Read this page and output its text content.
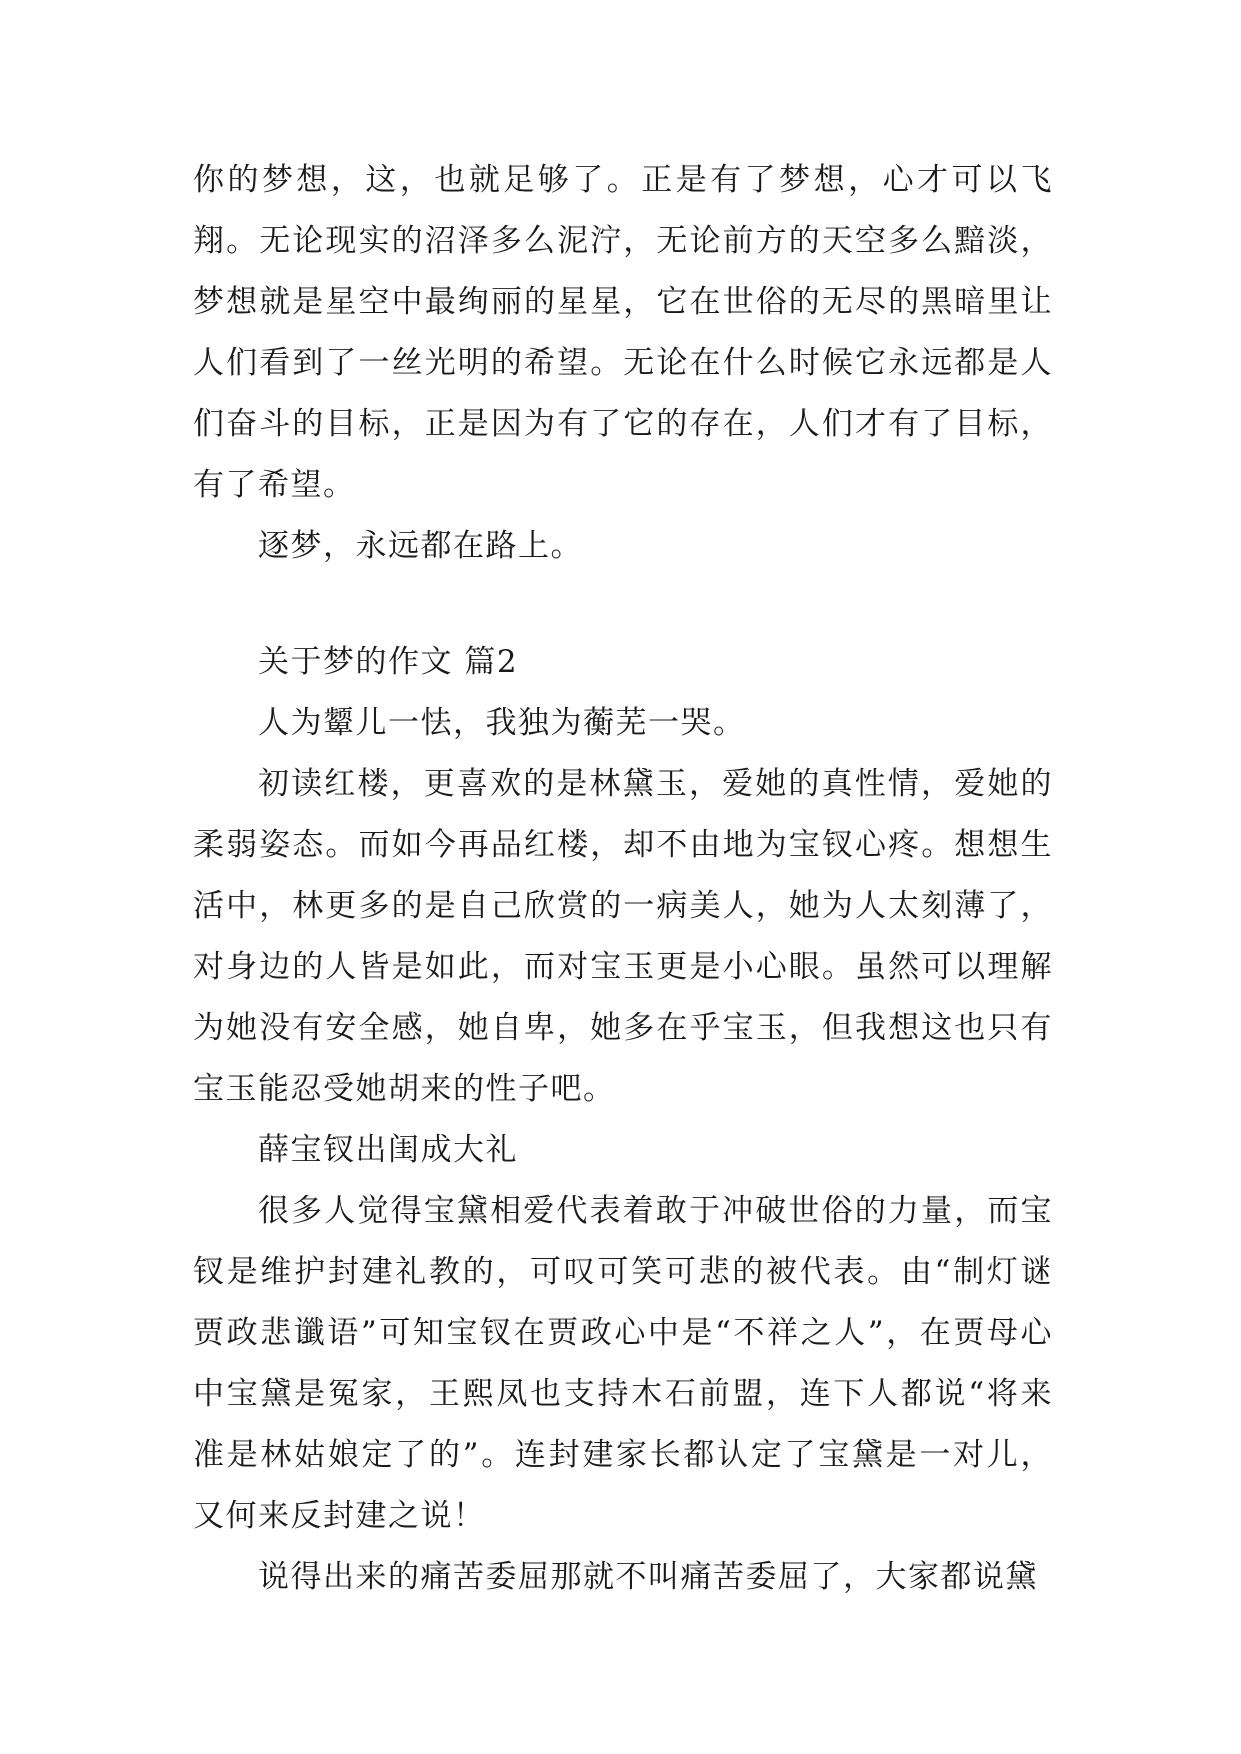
你的梦想，这，也就足够了。正是有了梦想，心才可以飞翔。无论现实的沼泽多么泥泞，无论前方的天空多么黯淡，梦想就是星空中最绚丽的星星，它在世俗的无尽的黑暗里让人们看到了一丝光明的希望。无论在什么时候它永远都是人们奋斗的目标，正是因为有了它的存在，人们才有了目标，有了希望。

逐梦，永远都在路上。

关于梦的作文 篇2

人为颦儿一怯，我独为蘅芜一哭。

初读红楼，更喜欢的是林黛玉，爱她的真性情，爱她的柔弱姿态。而如今再品红楼，却不由地为宝钗心疼。想想生活中，林更多的是自己欣赏的一病美人，她为人太刻薄了，对身边的人皆是如此，而对宝玉更是小心眼。虽然可以理解为她没有安全感，她自卑，她多在乎宝玉，但我想这也只有宝玉能忍受她胡来的性子吧。

薛宝钗出闺成大礼

很多人觉得宝黛相爱代表着敢于冲破世俗的力量，而宝钗是维护封建礼教的，可叹可笑可悲的被代表。由“制灯谜贾政悲谶语”可知宝钗在贾政心中是“不祥之人”，在贾母心中宝黛是冤家，王熙凤也支持木石前盟，连下人都说“将来准是林姑娘定了的”。连封建家长都认定了宝黛是一对儿，又何来反封建之说！

说得出来的痛苦委屈那就不叫痛苦委屈了，大家都说黛
